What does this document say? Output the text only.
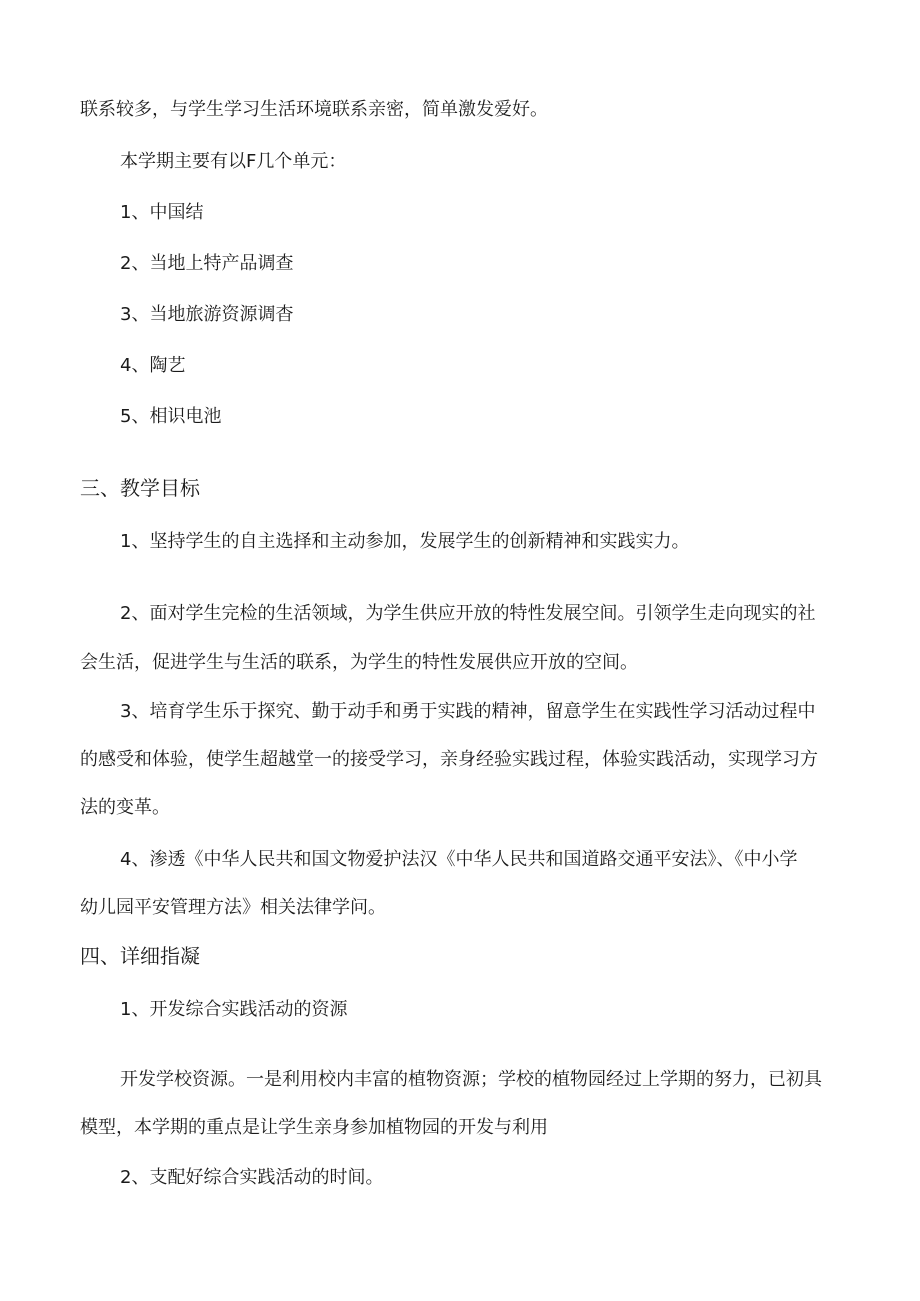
联系较多，与学生学习生活环境联系亲密，简单激发爱好。

本学期主要有以F几个单元：

1、中国结

2、当地上特产品调查

3、当地旅游资源调杳

4、陶艺

5、相识电池

三、教学目标

1、坚持学生的自主选择和主动参加，发展学生的创新精神和实践实力。

2、面对学生完检的生活领域，为学生供应开放的特性发展空间。引领学生走向现实的社

会生活，促进学生与生活的联系，为学生的特性发展供应开放的空间。

3、培育学生乐于探究、勤于动手和勇于实践的精神，留意学生在实践性学习活动过程中

的感受和体验，使学生超越堂一的接受学习，亲身经验实践过程，体验实践活动，实现学习方

法的变革。

4、渗透《中华人民共和国文物爱护法汉《中华人民共和国道路交通平安法》、《中小学

幼儿园平安管理方法》相关法律学问。

四、详细指凝

1、开发综合实践活动的资源

开发学校资源。一是利用校内丰富的植物资源；学校的植物园经过上学期的努力，已初具

模型，本学期的重点是让学生亲身参加植物园的开发与利用

2、支配好综合实践活动的时间。
